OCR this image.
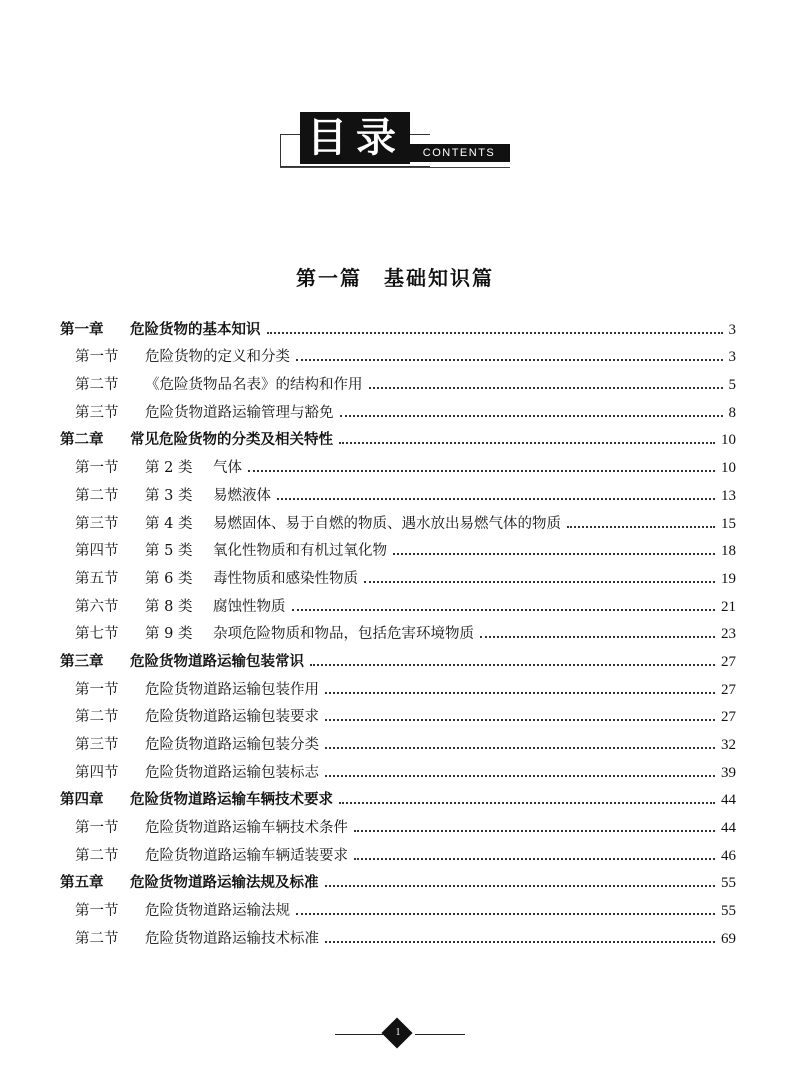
目 录	CONTENTS
第一篇　基础知识篇
第一章 危险货物的基本知识	3
第一节 危险货物的定义和分类	3
第二节 《危险货物品名表》的结构和作用	5
第三节 危险货物道路运输管理与豁免	8
第二章 常见危险货物的分类及相关特性	10
第一节 第 2 类 气体	10
第二节 第 3 类 易燃液体	13
第三节 第 4 类 易燃固体、易于自燃的物质、遇水放出易燃气体的物质	15
第四节 第 5 类 氧化性物质和有机过氧化物	18
第五节 第 6 类 毒性物质和感染性物质	19
第六节 第 8 类 腐蚀性物质	21
第七节 第 9 类 杂项危险物质和物品，包括危害环境物质	23
第三章 危险货物道路运输包装常识	27
第一节 危险货物道路运输包装作用	27
第二节 危险货物道路运输包装要求	27
第三节 危险货物道路运输包装分类	32
第四节 危险货物道路运输包装标志	39
第四章 危险货物道路运输车辆技术要求	44
第一节 危险货物道路运输车辆技术条件	44
第二节 危险货物道路运输车辆适装要求	46
第五章 危险货物道路运输法规及标准	55
第一节 危险货物道路运输法规	55
第二节 危险货物道路运输技术标准	69
1
